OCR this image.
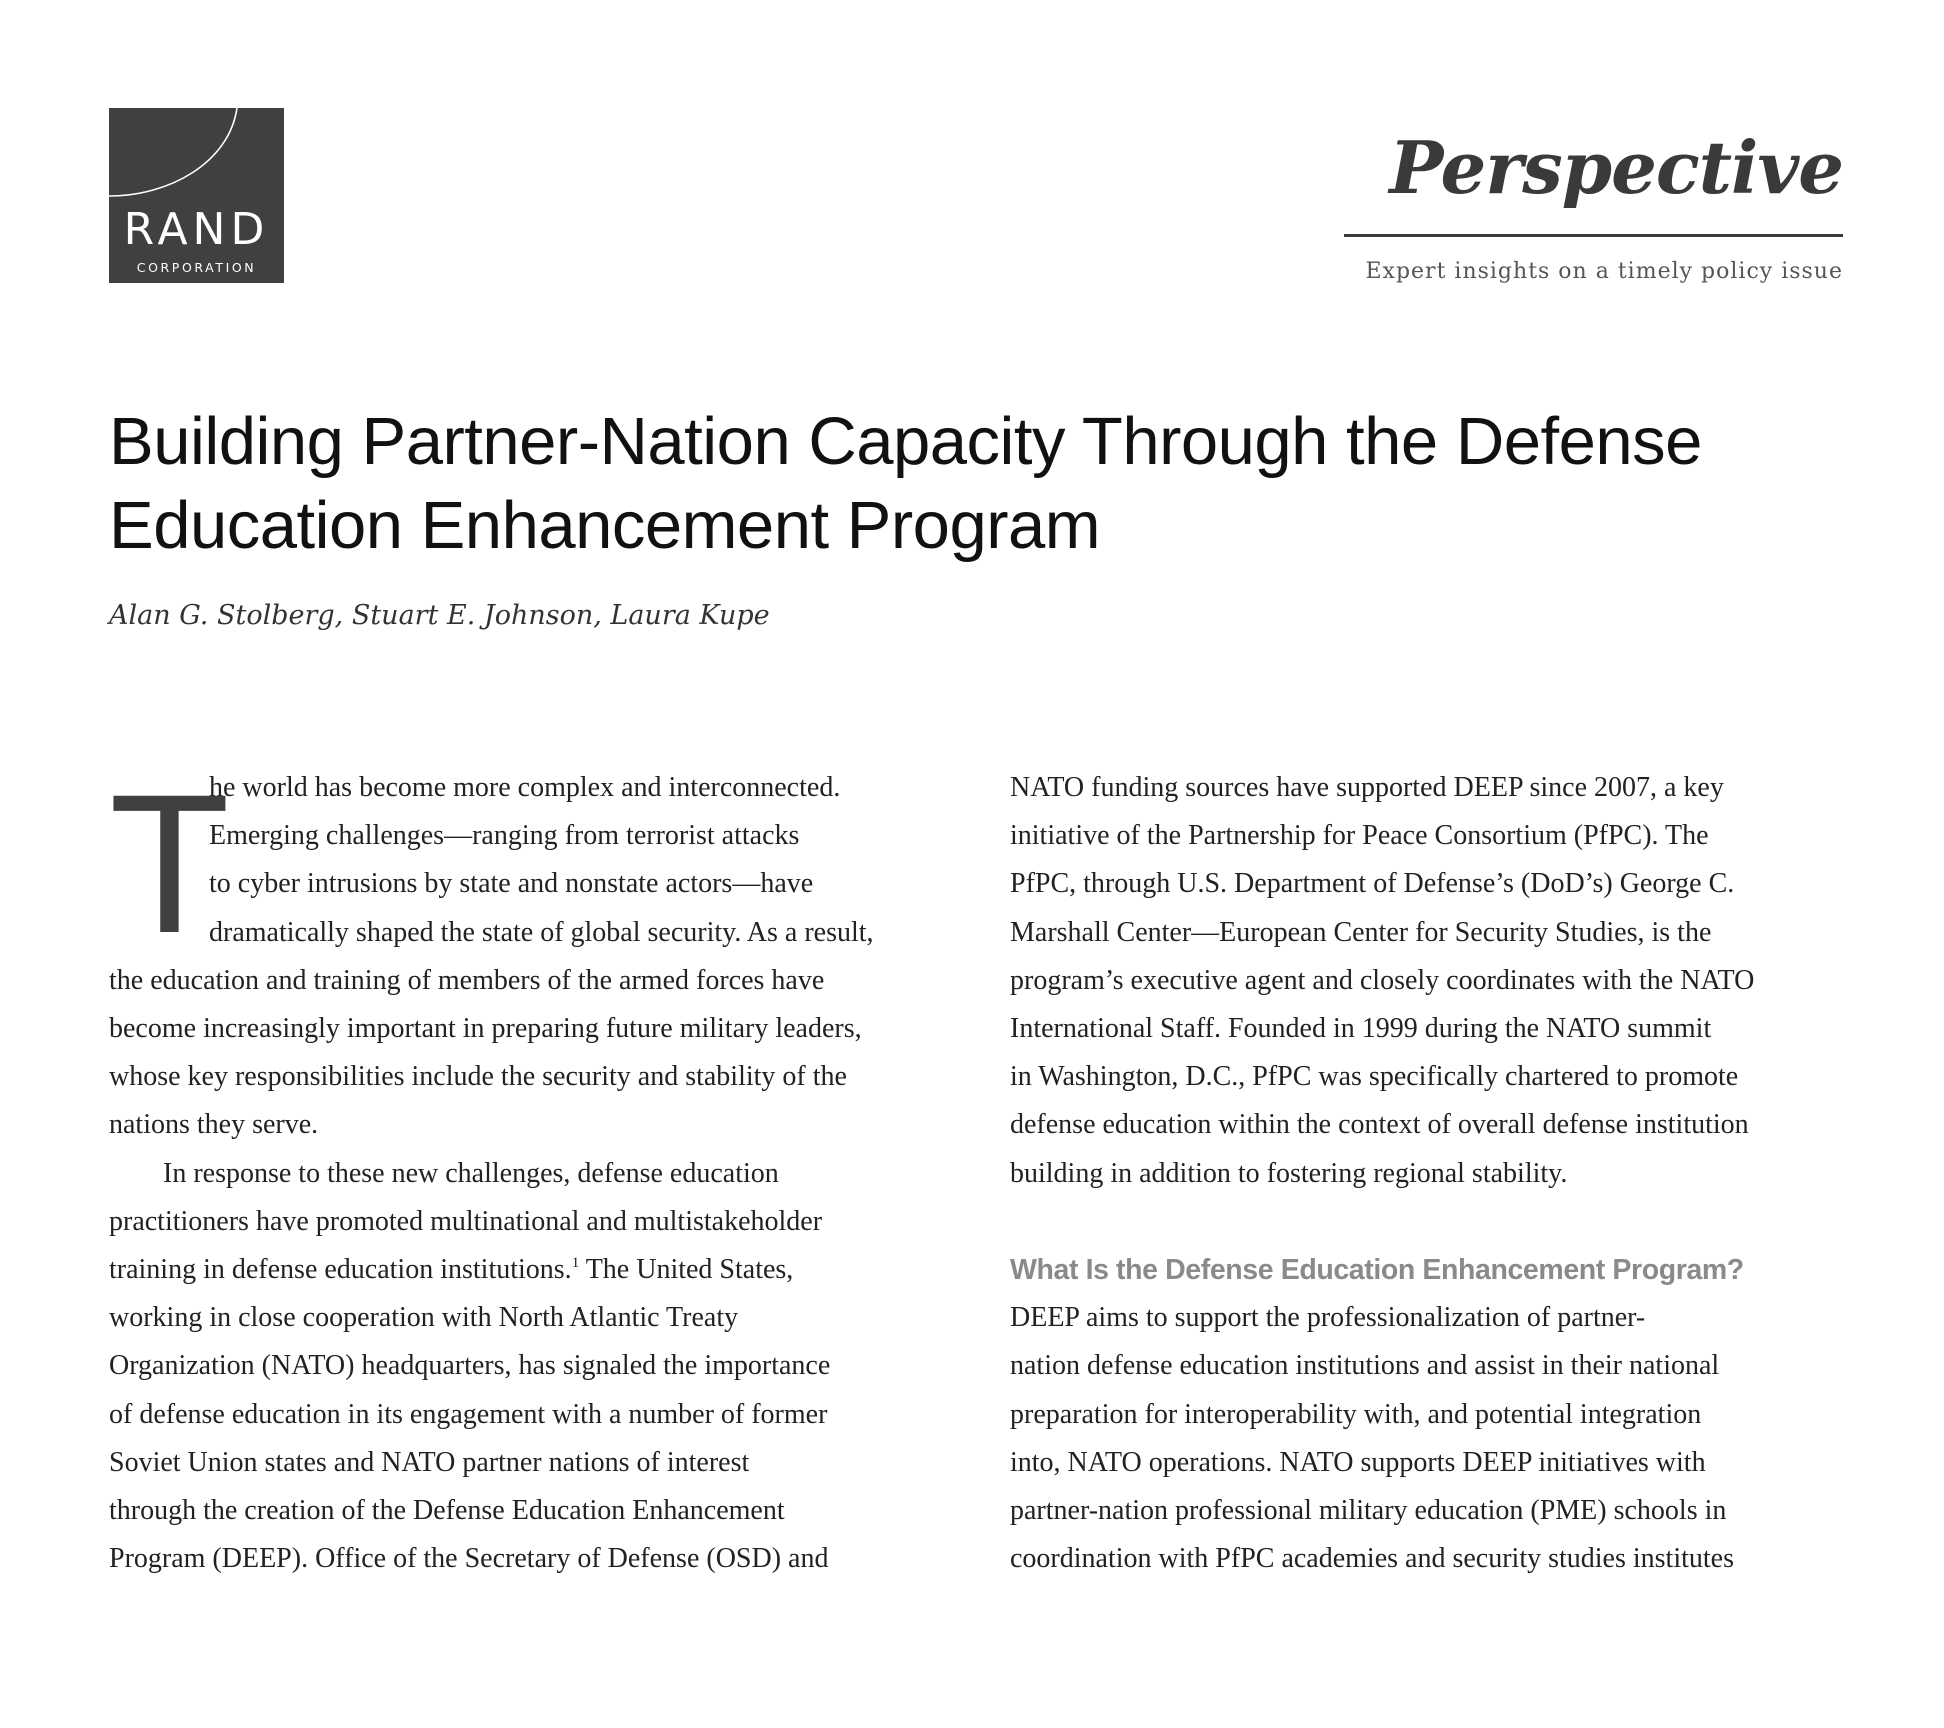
RAND
CORPORATION
Perspective
Expert insights on a timely policy issue
Building Partner-Nation Capacity Through the Defense
Education Enhancement Program
Alan G. Stolberg, Stuart E. Johnson, Laura Kupe
T
he world has become more complex and interconnected.
Emerging challenges—ranging from terrorist attacks
to cyber intrusions by state and nonstate actors—have
dramatically shaped the state of global security. As a result,
the education and training of members of the armed forces have
become increasingly important in preparing future military leaders,
whose key responsibilities include the security and stability of the
nations they serve.
In response to these new challenges, defense education
practitioners have promoted multinational and multistakeholder
training in defense education institutions.$^1$ The United States,
working in close cooperation with North Atlantic Treaty
Organization (NATO) headquarters, has signaled the importance
of defense education in its engagement with a number of former
Soviet Union states and NATO partner nations of interest
through the creation of the Defense Education Enhancement
Program (DEEP). Office of the Secretary of Defense (OSD) and
NATO funding sources have supported DEEP since 2007, a key
initiative of the Partnership for Peace Consortium (PfPC). The
PfPC, through U.S. Department of Defense’s (DoD’s) George C.
Marshall Center—European Center for Security Studies, is the
program’s executive agent and closely coordinates with the NATO
International Staff. Founded in 1999 during the NATO summit
in Washington, D.C., PfPC was specifically chartered to promote
defense education within the context of overall defense institution
building in addition to fostering regional stability.
What Is the Defense Education Enhancement Program?
DEEP aims to support the professionalization of partner-
nation defense education institutions and assist in their national
preparation for interoperability with, and potential integration
into, NATO operations. NATO supports DEEP initiatives with
partner-nation professional military education (PME) schools in
coordination with PfPC academies and security studies institutes
